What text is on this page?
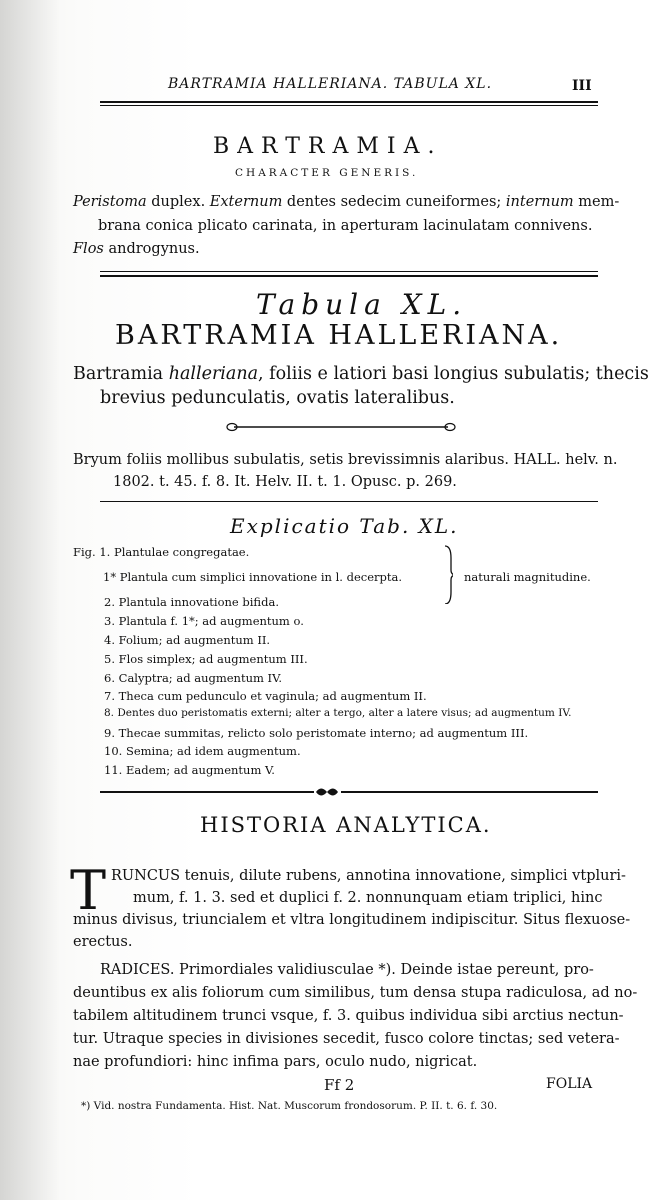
BARTRAMIA HALLERIANA. TABULA XL.	III
BARTRAMIA.
CHARACTER GENERIS.
Peristoma duplex. Externum dentes sedecim cuneiformes; internum mem-
brana conica plicato carinata, in aperturam lacinulatam connivens.
Flos androgynus.
Tabula XL.
BARTRAMIA HALLERIANA.
Bartramia halleriana, foliis e latiori basi longius subulatis; thecis
brevius pedunculatis, ovatis lateralibus.
Bryum foliis mollibus subulatis, setis brevissimnis alaribus. HALL. helv. n.
1802. t. 45. f. 8. It. Helv. II. t. 1. Opusc. p. 269.
Explicatio Tab. XL.
Fig. 1. Plantulae congregatae.
1* Plantula cum simplici innovatione in l. decerpta.
2. Plantula innovatione bifida.
3. Plantula f. 1*; ad augmentum o.
4. Folium; ad augmentum II.
5. Flos simplex; ad augmentum III.
6. Calyptra; ad augmentum IV.
7. Theca cum pedunculo et vaginula; ad augmentum II.
8. Dentes duo peristomatis externi; alter a tergo, alter a latere visus; ad augmentum IV.
9. Thecae summitas, relicto solo peristomate interno; ad augmentum III.
10. Semina; ad idem augmentum.
11. Eadem; ad augmentum V.
naturali magnitudine.
HISTORIA ANALYTICA.
T RUNCUS tenuis, dilute rubens, annotina innovatione, simplici vtpluri-
mum, f. 1. 3. sed et duplici f. 2. nonnunquam etiam triplici, hinc
minus divisus, triuncialem et vltra longitudinem indipiscitur. Situs flexuose-
erectus.
RADICES. Primordiales validiusculae *). Deinde istae pereunt, pro-
deuntibus ex alis foliorum cum similibus, tum densa stupa radiculosa, ad no-
tabilem altitudinem trunci vsque, f. 3. quibus individua sibi arctius nectun-
tur. Utraque species in divisiones secedit, fusco colore tinctas; sed vetera-
nae profundiori: hinc infima pars, oculo nudo, nigricat.
Ff 2	FOLIA
*) Vid. nostra Fundamenta. Hist. Nat. Muscorum frondosorum. P. II. t. 6. f. 30.
